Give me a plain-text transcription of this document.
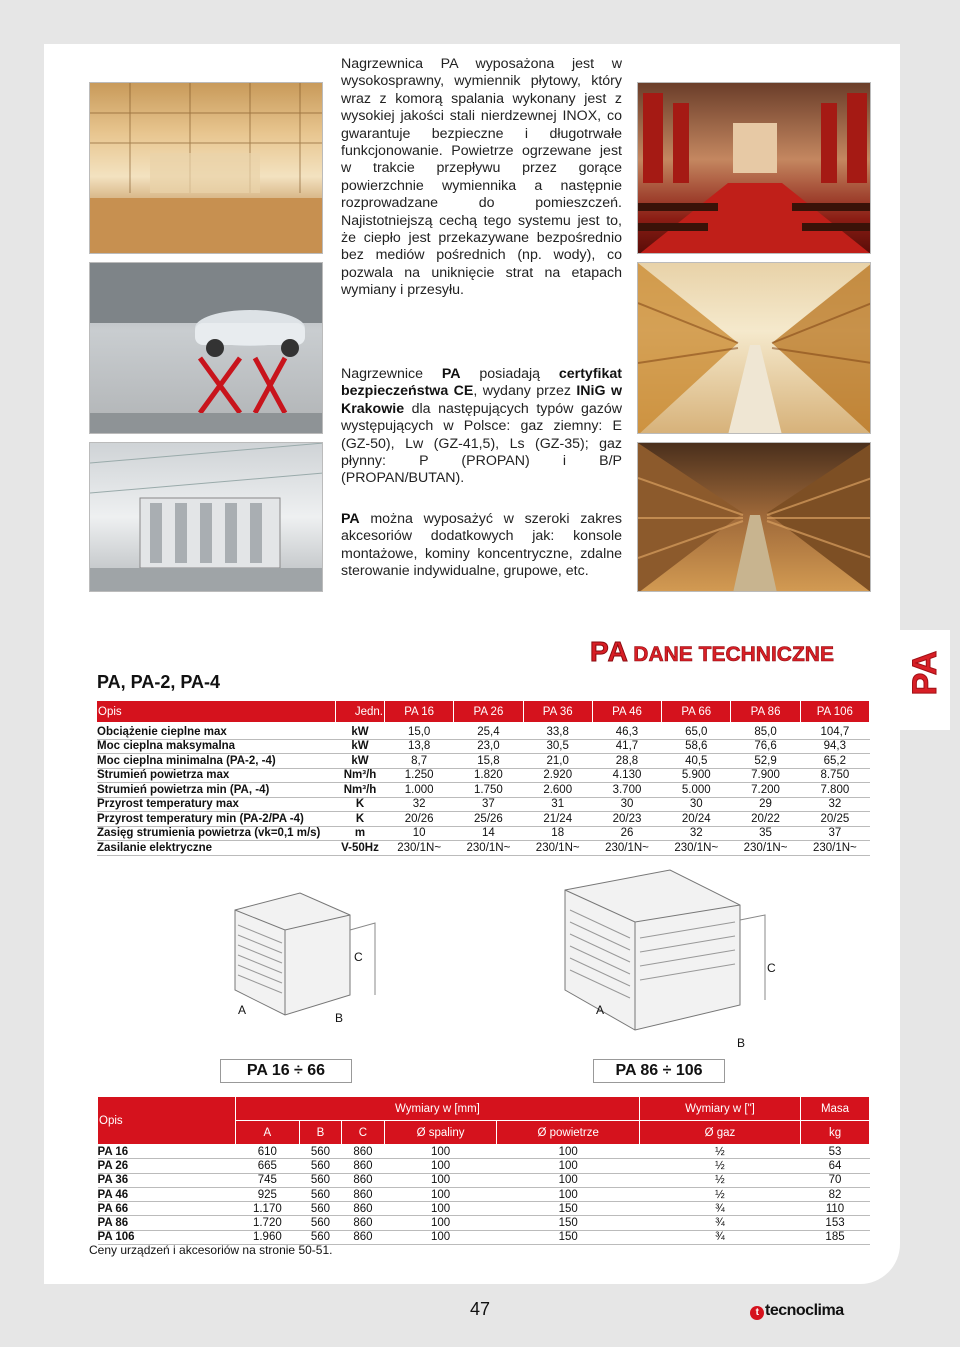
PA
Nagrzewnica PA wyposażona jest w wysokosprawny, wymiennik płytowy, który wraz z komorą spalania wykonany jest z wysokiej jakości stali nierdzewnej INOX, co gwarantuje bezpieczne i długotrwałe funkcjonowanie. Powietrze ogrzewane jest w trakcie przepływu przez gorące powierzchnie wymiennika a następnie rozprowadzane do pomieszczeń. Najistotniejszą cechą tego systemu jest to, że ciepło jest przekazywane bezpośrednio bez mediów pośrednich (np. wody), co pozwala na uniknięcie strat na etapach wymiany i przesyłu.
Nagrzewnice PA posiadają certyfikat bezpieczeństwa CE, wydany przez INiG w Krakowie dla następujących typów gazów występujących w Polsce: gaz ziemny: E (GZ-50), Lw (GZ-41,5), Ls (GZ-35); gaz płynny: P (PROPAN) i B/P (PROPAN/BUTAN).
PA można wyposażyć w szeroki zakres akcesoriów dodatkowych jak: konsole montażowe, kominy koncentryczne, zdalne sterowanie indywidualne, grupowe, etc.
PA DANE TECHNICZNE
PA, PA-2, PA-4
Opis	Jedn.	PA 16	PA 26	PA 36	PA 46	PA 66	PA 86	PA 106

Obciążenie cieplne max	kW	15,0	25,4	33,8	46,3	65,0	85,0	104,7
Moc cieplna maksymalna	kW	13,8	23,0	30,5	41,7	58,6	76,6	94,3
Moc cieplna minimalna (PA-2, -4)	kW	8,7	15,8	21,0	28,8	40,5	52,9	65,2
Strumień powietrza max	Nm³/h	1.250	1.820	2.920	4.130	5.900	7.900	8.750
Strumień powietrza min (PA, -4)	Nm³/h	1.000	1.750	2.600	3.700	5.000	7.200	7.800
Przyrost temperatury max	K	32	37	31	30	30	29	32
Przyrost temperatury min (PA-2/PA -4)	K	20/26	25/26	21/24	20/23	20/24	20/22	20/25
Zasięg strumienia powietrza (vk=0,1 m/s)	m	10	14	18	26	32	35	37
Zasilanie elektryczne	V-50Hz	230/1N~	230/1N~	230/1N~	230/1N~	230/1N~	230/1N~	230/1N~
A
B
C
A
B
C
PA 16 ÷ 66	PA 86 ÷ 106
Opis	Wymiary w [mm]					Wymiary w ["]	Masa
	A	B	C	Ø spaliny	Ø powietrze	Ø gaz	kg
PA 16	610	560	860	100	100	½	53
PA 26	665	560	860	100	100	½	64
PA 36	745	560	860	100	100	½	70
PA 46	925	560	860	100	100	½	82
PA 66	1.170	560	860	100	150	¾	110
PA 86	1.720	560	860	100	150	¾	153
PA 106	1.960	560	860	100	150	¾	185
Ceny urządzeń i akcesoriów na stronie 50-51.
47	t tecnoclima
